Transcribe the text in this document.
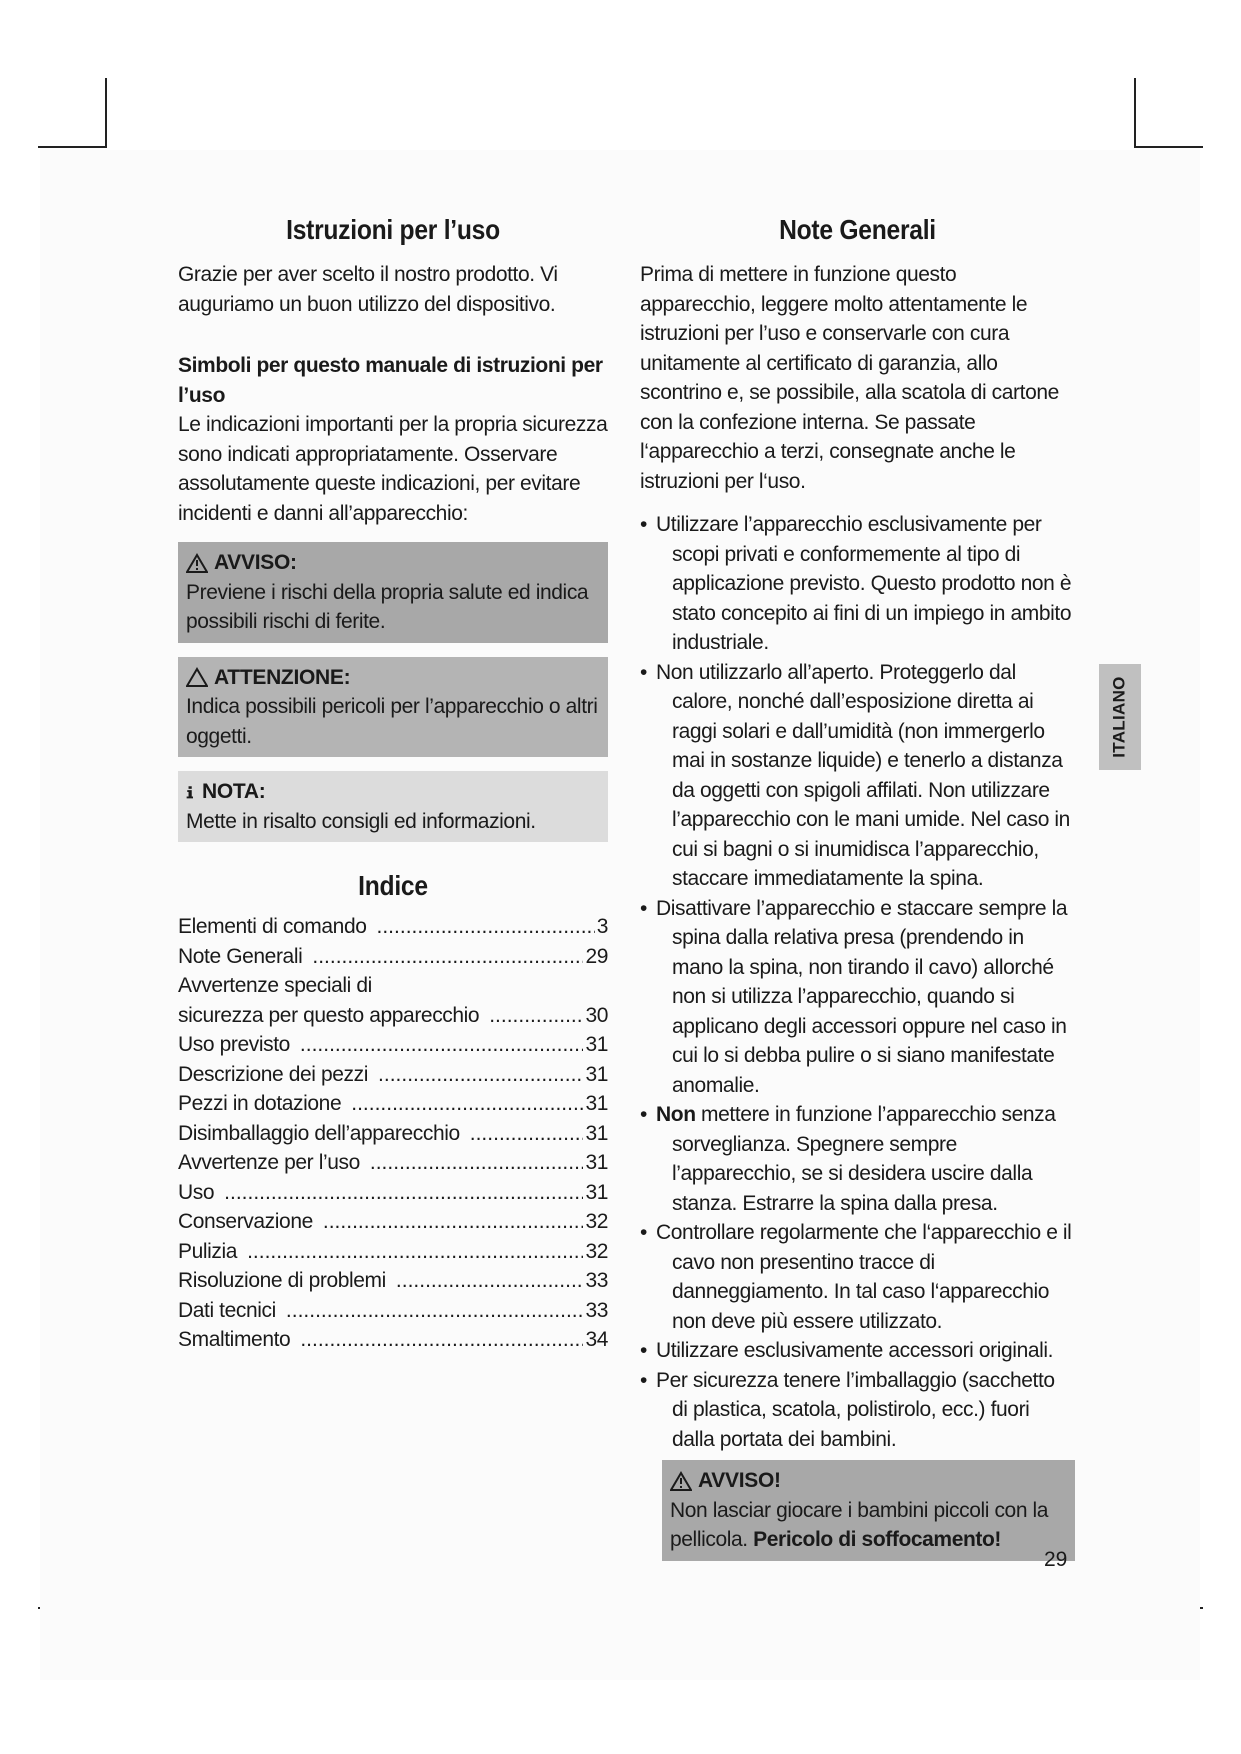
Istruzioni per l’uso

Grazie per aver scelto il nostro prodotto. Vi auguriamo un buon utilizzo del dispositivo.

Simboli per questo manuale di istruzioni per l’uso

Le indicazioni importanti per la propria sicurezza sono indicati appropriatamente. Osservare assolutamente queste indicazioni, per evitare incidenti e danni all’apparecchio:

AVVISO:
Previene i rischi della propria salute ed indica possibili rischi di ferite.
ATTENZIONE:
Indica possibili pericoli per l’apparecchio o altri oggetti.
NOTA:
Mette in risalto consigli ed informazioni.
Indice
Elementi di comando .....	3
Note Generali .....	29
Avvertenze speciali di
sicurezza per questo apparecchio .....	30
Uso previsto .....	31
Descrizione dei pezzi .....	31
Pezzi in dotazione .....	31
Disimballaggio dell’apparecchio .....	31
Avvertenze per l’uso .....	31
Uso .....	31
Conservazione .....	32
Pulizia .....	32
Risoluzione di problemi .....	33
Dati tecnici .....	33
Smaltimento .....	34
Note Generali

Prima di mettere in funzione questo apparecchio, leggere molto attentamente le istruzioni per l’uso e conservarle con cura unitamente al certificato di garanzia, allo scontrino e, se possibile, alla scatola di cartone con la confezione interna. Se passate l‘apparecchio a terzi, consegnate anche le istruzioni per l‘uso.

• Utilizzare l’apparecchio esclusivamente per scopi privati e conformemente al tipo di applicazione previsto. Questo prodotto non è stato concepito ai fini di un impiego in ambito industriale.
• Non utilizzarlo all’aperto. Proteggerlo dal calore, nonché dall’esposizione diretta ai raggi solari e dall’umidità (non immergerlo mai in sostanze liquide) e tenerlo a distanza da oggetti con spigoli affilati. Non utilizzare l’apparecchio con le mani umide. Nel caso in cui si bagni o si inumidisca l’apparecchio, staccare immediatamente la spina.
• Disattivare l’apparecchio e staccare sempre la spina dalla relativa presa (prendendo in mano la spina, non tirando il cavo) allorché non si utilizza l’apparecchio, quando si applicano degli accessori oppure nel caso in cui lo si debba pulire o si siano manifestate anomalie.
• Non mettere in funzione l’apparecchio senza sorveglianza. Spegnere sempre l’apparecchio, se si desidera uscire dalla stanza. Estrarre la spina dalla presa.
• Controllare regolarmente che l‘apparecchio e il cavo non presentino tracce di danneggiamento. In tal caso l‘apparecchio non deve più essere utilizzato.
• Utilizzare esclusivamente accessori originali.
• Per sicurezza tenere l’imballaggio (sacchetto di plastica, scatola, polistirolo, ecc.) fuori dalla portata dei bambini.
AVVISO!
Non lasciar giocare i bambini piccoli con la pellicola. Pericolo di soffocamento!
ITALIANO
29
